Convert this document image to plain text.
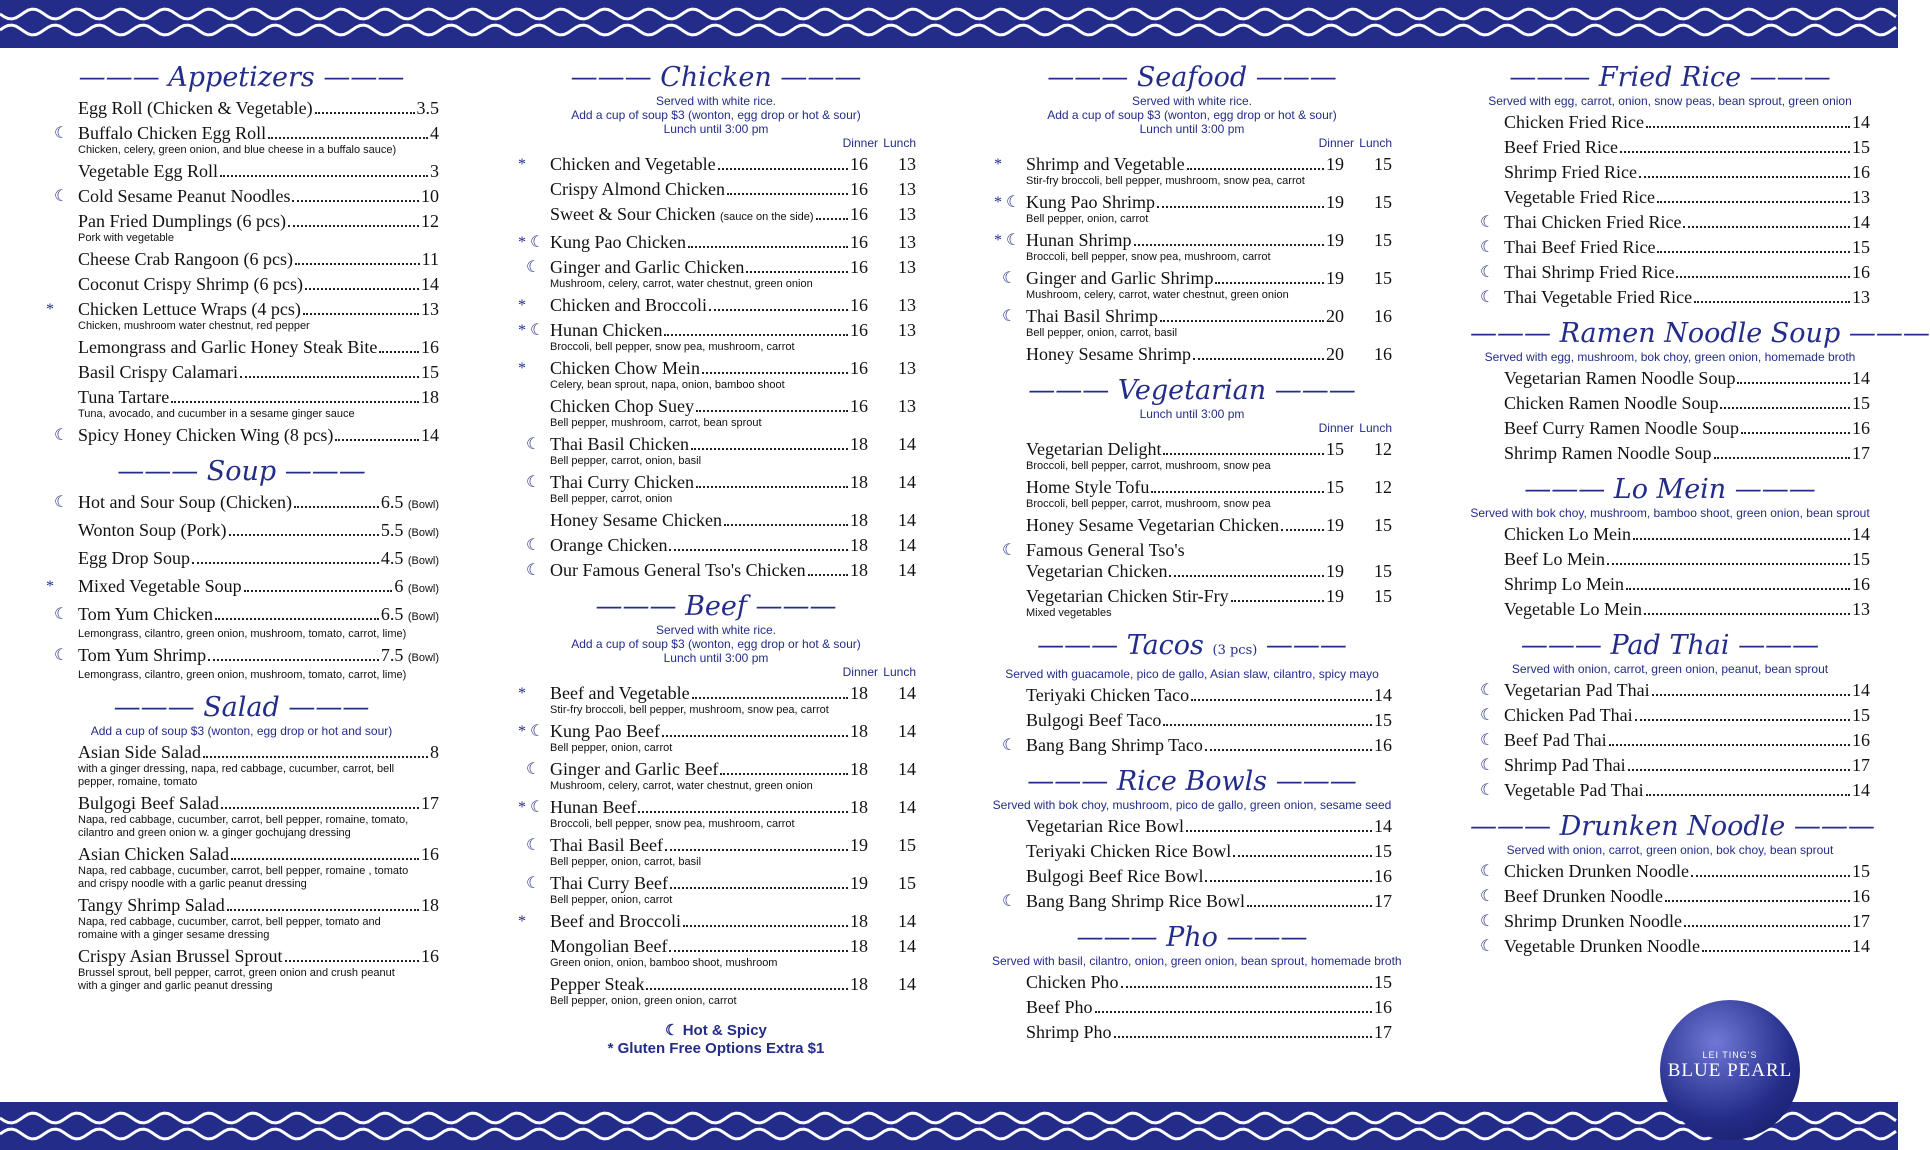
——— Appetizers ———
Egg Roll (Chicken & Vegetable)	3.5
☾ Buffalo Chicken Egg Roll	4
Chicken, celery, green onion, and blue cheese in a buffalo sauce)
Vegetable Egg Roll	3
☾ Cold Sesame Peanut Noodles	10
Pan Fried Dumplings (6 pcs)	12
Pork with vegetable
Cheese Crab Rangoon (6 pcs)	11
Coconut Crispy Shrimp (6 pcs)	14
*	Chicken Lettuce Wraps (4 pcs)	13
Chicken, mushroom water chestnut, red pepper
Lemongrass and Garlic Honey Steak Bite 16
Basil Crispy Calamari	15
Tuna Tartare	18
Tuna, avocado, and cucumber in a sesame ginger sauce
☾ Spicy Honey Chicken Wing (8 pcs)	14
——— Soup ———
☾ Hot and Sour Soup (Chicken)	6.5 (Bowl)
Wonton Soup (Pork)	5.5 (Bowl)
Egg Drop Soup	4.5 (Bowl)
*	Mixed Vegetable Soup	6 (Bowl)
☾ Tom Yum Chicken	6.5 (Bowl)
Lemongrass, cilantro, green onion, mushroom, tomato, carrot, lime)
☾ Tom Yum Shrimp	7.5 (Bowl)
Lemongrass, cilantro, green onion, mushroom, tomato, carrot, lime)
——— Salad ———
Add a cup of soup $3 (wonton, egg drop or hot and sour)
Asian Side Salad	8
with a ginger dressing, napa, red cabbage, cucumber, carrot, bell pepper, romaine, tomato
Bulgogi Beef Salad	17
Napa, red cabbage, cucumber, carrot, bell pepper, romaine, tomato, cilantro and green onion w. a ginger gochujang dressing
Asian Chicken Salad	16
Napa, red cabbage, cucumber, carrot, bell pepper, romaine , tomato and crispy noodle with a garlic peanut dressing
Tangy Shrimp Salad	18
Napa, red cabbage, cucumber, carrot, bell pepper, tomato and romaine with a ginger sesame dressing
Crispy Asian Brussel Sprout	16
Brussel sprout, bell pepper, carrot, green onion and crush peanut with a ginger and garlic peanut dressing
——— Chicken ———
Served with white rice.
Add a cup of soup $3 (wonton, egg drop or hot & sour)
Lunch until 3:00 pm
Dinner Lunch
*	Chicken and Vegetable	16	13
Crispy Almond Chicken	16	13
Sweet & Sour Chicken (sauce on the side) 16	13
* ☾ Kung Pao Chicken	16	13
☾ Ginger and Garlic Chicken	16	13
Mushroom, celery, carrot, water chestnut, green onion
*	Chicken and Broccoli	16	13
* ☾ Hunan Chicken	16	13
Broccoli, bell pepper, snow pea, mushroom, carrot
*	Chicken Chow Mein	16	13
Celery, bean sprout, napa, onion, bamboo shoot
Chicken Chop Suey	16	13
Bell pepper, mushroom, carrot, bean sprout
☾ Thai Basil Chicken	18	14
Bell pepper, carrot, onion, basil
☾ Thai Curry Chicken	18	14
Bell pepper, carrot, onion
Honey Sesame Chicken	18	14
☾ Orange Chicken	18	14
☾ Our Famous General Tso's Chicken 18	14
——— Beef ———
Served with white rice.
Add a cup of soup $3 (wonton, egg drop or hot & sour)
Lunch until 3:00 pm
Dinner Lunch
*	Beef and Vegetable	18	14
Stir-fry broccoli, bell pepper, mushroom, snow pea, carrot
* ☾ Kung Pao Beef	18	14
Bell pepper, onion, carrot
☾ Ginger and Garlic Beef	18	14
Mushroom, celery, carrot, water chestnut, green onion
* ☾ Hunan Beef	18	14
Broccoli, bell pepper, snow pea, mushroom, carrot
☾ Thai Basil Beef	19	15
Bell pepper, onion, carrot, basil
☾ Thai Curry Beef	19	15
Bell pepper, onion, carrot
*	Beef and Broccoli	18	14
Mongolian Beef	18	14
Green onion, onion, bamboo shoot, mushroom
Pepper Steak	18	14
Bell pepper, onion, green onion, carrot
☾ Hot & Spicy
* Gluten Free Options Extra $1
——— Seafood ———
Served with white rice.
Add a cup of soup $3 (wonton, egg drop or hot & sour)
Lunch until 3:00 pm
Dinner Lunch
*	Shrimp and Vegetable	19	15
Stir-fry broccoli, bell pepper, mushroom, snow pea, carrot
* ☾ Kung Pao Shrimp	19	15
Bell pepper, onion, carrot
* ☾ Hunan Shrimp	19	15
Broccoli, bell pepper, snow pea, mushroom, carrot
☾ Ginger and Garlic Shrimp	19	15
Mushroom, celery, carrot, water chestnut, green onion
☾ Thai Basil Shrimp	20	16
Bell pepper, onion, carrot, basil
Honey Sesame Shrimp	20	16
——— Vegetarian ———
Lunch until 3:00 pm
Dinner Lunch
Vegetarian Delight	15	12
Broccoli, bell pepper, carrot, mushroom, snow pea
Home Style Tofu	15	12
Broccoli, bell pepper, carrot, mushroom, snow pea
Honey Sesame Vegetarian Chicken	19	15
☾ Famous General Tso's
Vegetarian Chicken	19	15
Vegetarian Chicken Stir-Fry	19	15
Mixed vegetables
——— Tacos (3 pcs) ———
Served with guacamole, pico de gallo, Asian slaw, cilantro, spicy mayo
Teriyaki Chicken Taco	14
Bulgogi Beef Taco	15
☾ Bang Bang Shrimp Taco	16
——— Rice Bowls ———
Served with bok choy, mushroom, pico de gallo, green onion, sesame seed
Vegetarian Rice Bowl	14
Teriyaki Chicken Rice Bowl	15
Bulgogi Beef Rice Bowl	16
☾ Bang Bang Shrimp Rice Bowl	17
——— Pho ———
Served with basil, cilantro, onion, green onion, bean sprout, homemade broth
Chicken Pho	15
Beef Pho	16
Shrimp Pho	17
——— Fried Rice ———
Served with egg, carrot, onion, snow peas, bean sprout, green onion
Chicken Fried Rice	14
Beef Fried Rice	15
Shrimp Fried Rice	16
Vegetable Fried Rice	13
☾ Thai Chicken Fried Rice	14
☾ Thai Beef Fried Rice	15
☾ Thai Shrimp Fried Rice	16
☾ Thai Vegetable Fried Rice	13
——— Ramen Noodle Soup ———
Served with egg, mushroom, bok choy, green onion, homemade broth
Vegetarian Ramen Noodle Soup	14
Chicken Ramen Noodle Soup	15
Beef Curry Ramen Noodle Soup	16
Shrimp Ramen Noodle Soup	17
——— Lo Mein ———
Served with bok choy, mushroom, bamboo shoot, green onion, bean sprout
Chicken Lo Mein	14
Beef Lo Mein	15
Shrimp Lo Mein	16
Vegetable Lo Mein	13
——— Pad Thai ———
Served with onion, carrot, green onion, peanut, bean sprout
☾ Vegetarian Pad Thai	14
☾ Chicken Pad Thai	15
☾ Beef Pad Thai	16
☾ Shrimp Pad Thai	17
☾ Vegetable Pad Thai	14
——— Drunken Noodle ———
Served with onion, carrot, green onion, bok choy, bean sprout
☾ Chicken Drunken Noodle	15
☾ Beef Drunken Noodle	16
☾ Shrimp Drunken Noodle	17
☾ Vegetable Drunken Noodle	14
LEI TING'S
BLUE PEARL
